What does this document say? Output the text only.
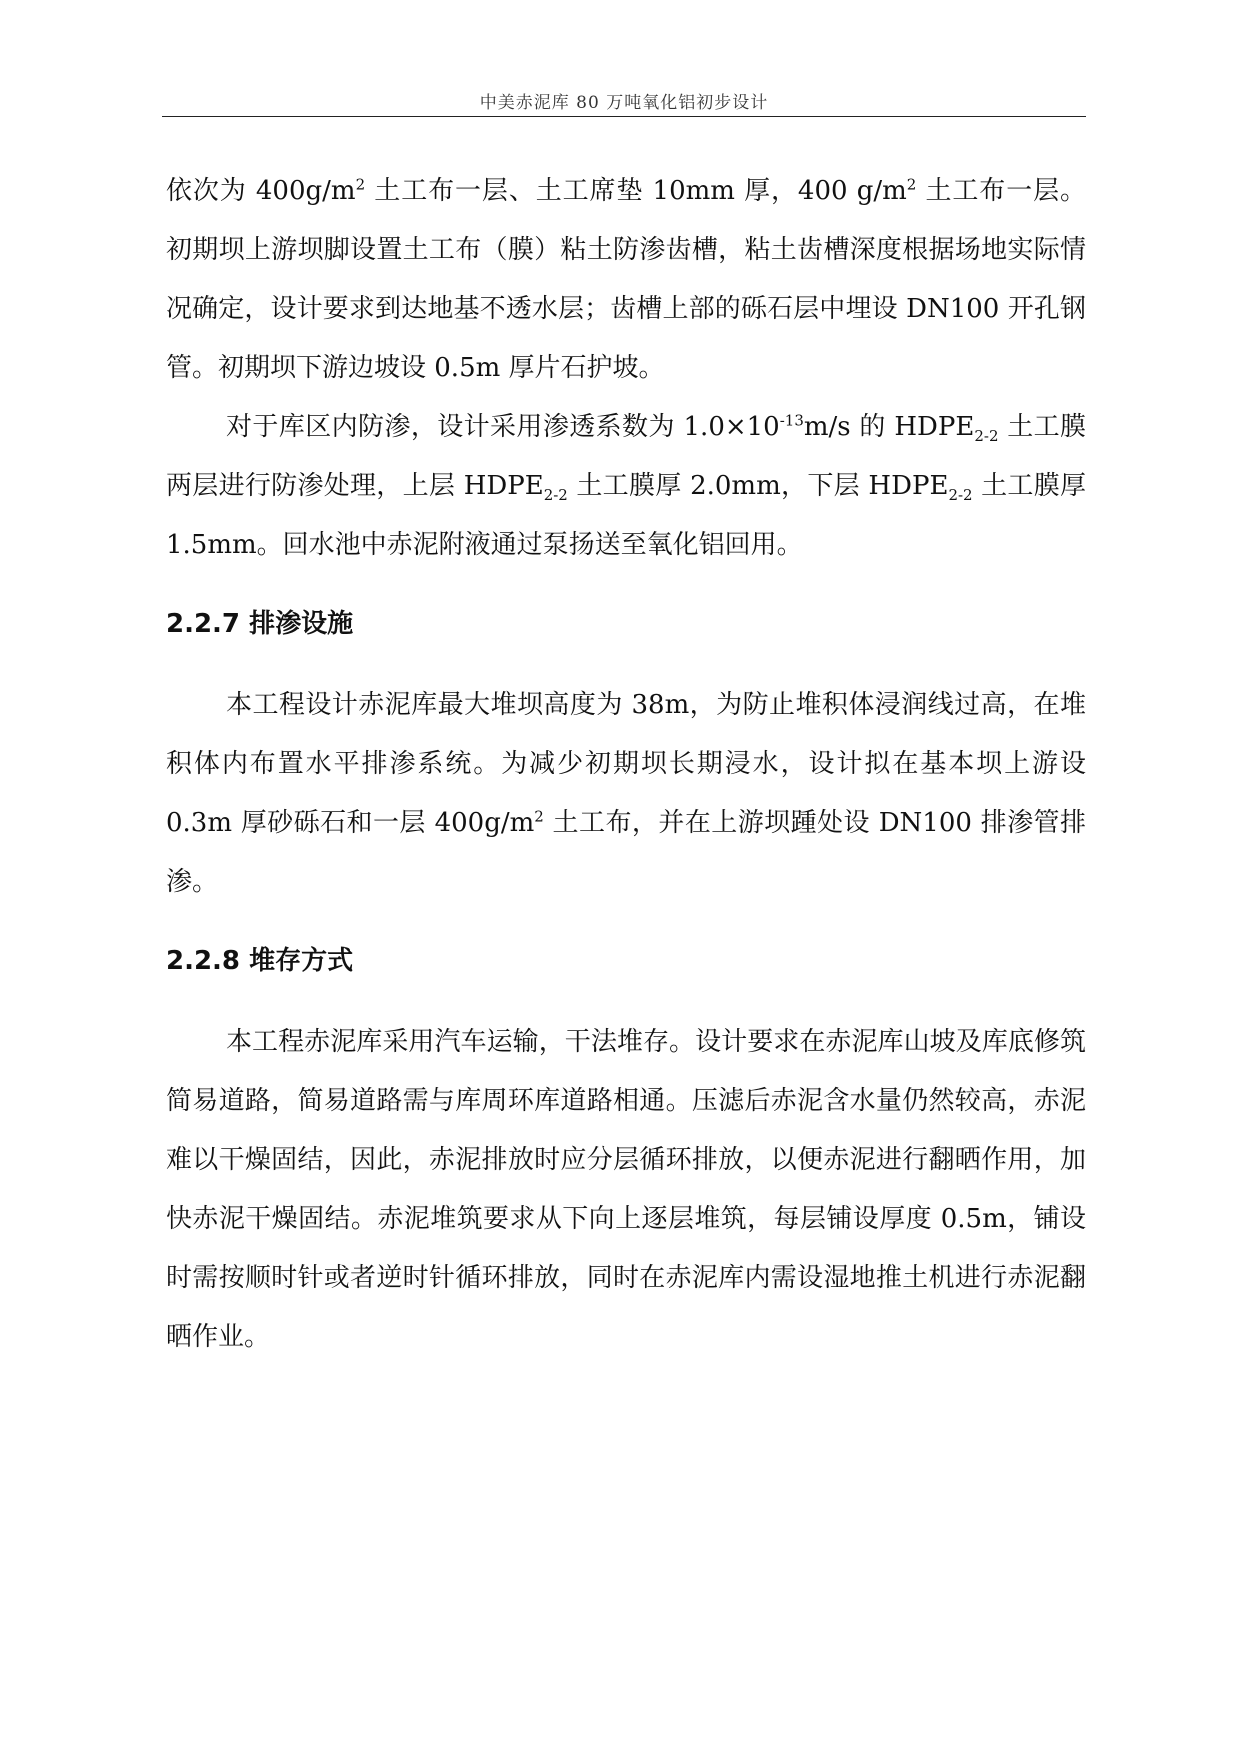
中美赤泥库 80 万吨氧化铝初步设计

依次为 $400g/m^2$ 土工布一层、土工席垫 10mm 厚，400 $g/m^2$ 土工布一层。初期坝上游坝脚设置土工布（膜）粘土防渗齿槽，粘土齿槽深度根据场地实际情况确定，设计要求到达地基不透水层；齿槽上部的砾石层中埋设 DN100 开孔钢管。初期坝下游边坡设 0.5m 厚片石护坡。

对于库区内防渗，设计采用渗透系数为 $1.0\times 10^{-13}m/s$ 的 $HDPE_{2-2}$ 土工膜两层进行防渗处理，上层 $HDPE_{2-2}$ 土工膜厚 2.0mm，下层 $HDPE_{2-2}$ 土工膜厚 1.5mm。回水池中赤泥附液通过泵扬送至氧化铝回用。

2.2.7 排渗设施

本工程设计赤泥库最大堆坝高度为 38m，为防止堆积体浸润线过高，在堆积体内布置水平排渗系统。为减少初期坝长期浸水，设计拟在基本坝上游设 0.3m 厚砂砾石和一层 $400g/m^2$ 土工布，并在上游坝踵处设 DN100 排渗管排渗。

2.2.8 堆存方式

本工程赤泥库采用汽车运输，干法堆存。设计要求在赤泥库山坡及库底修筑简易道路，简易道路需与库周环库道路相通。压滤后赤泥含水量仍然较高，赤泥难以干燥固结，因此，赤泥排放时应分层循环排放，以便赤泥进行翻晒作用，加快赤泥干燥固结。赤泥堆筑要求从下向上逐层堆筑，每层铺设厚度 0.5m，铺设时需按顺时针或者逆时针循环排放，同时在赤泥库内需设湿地推土机进行赤泥翻晒作业。
